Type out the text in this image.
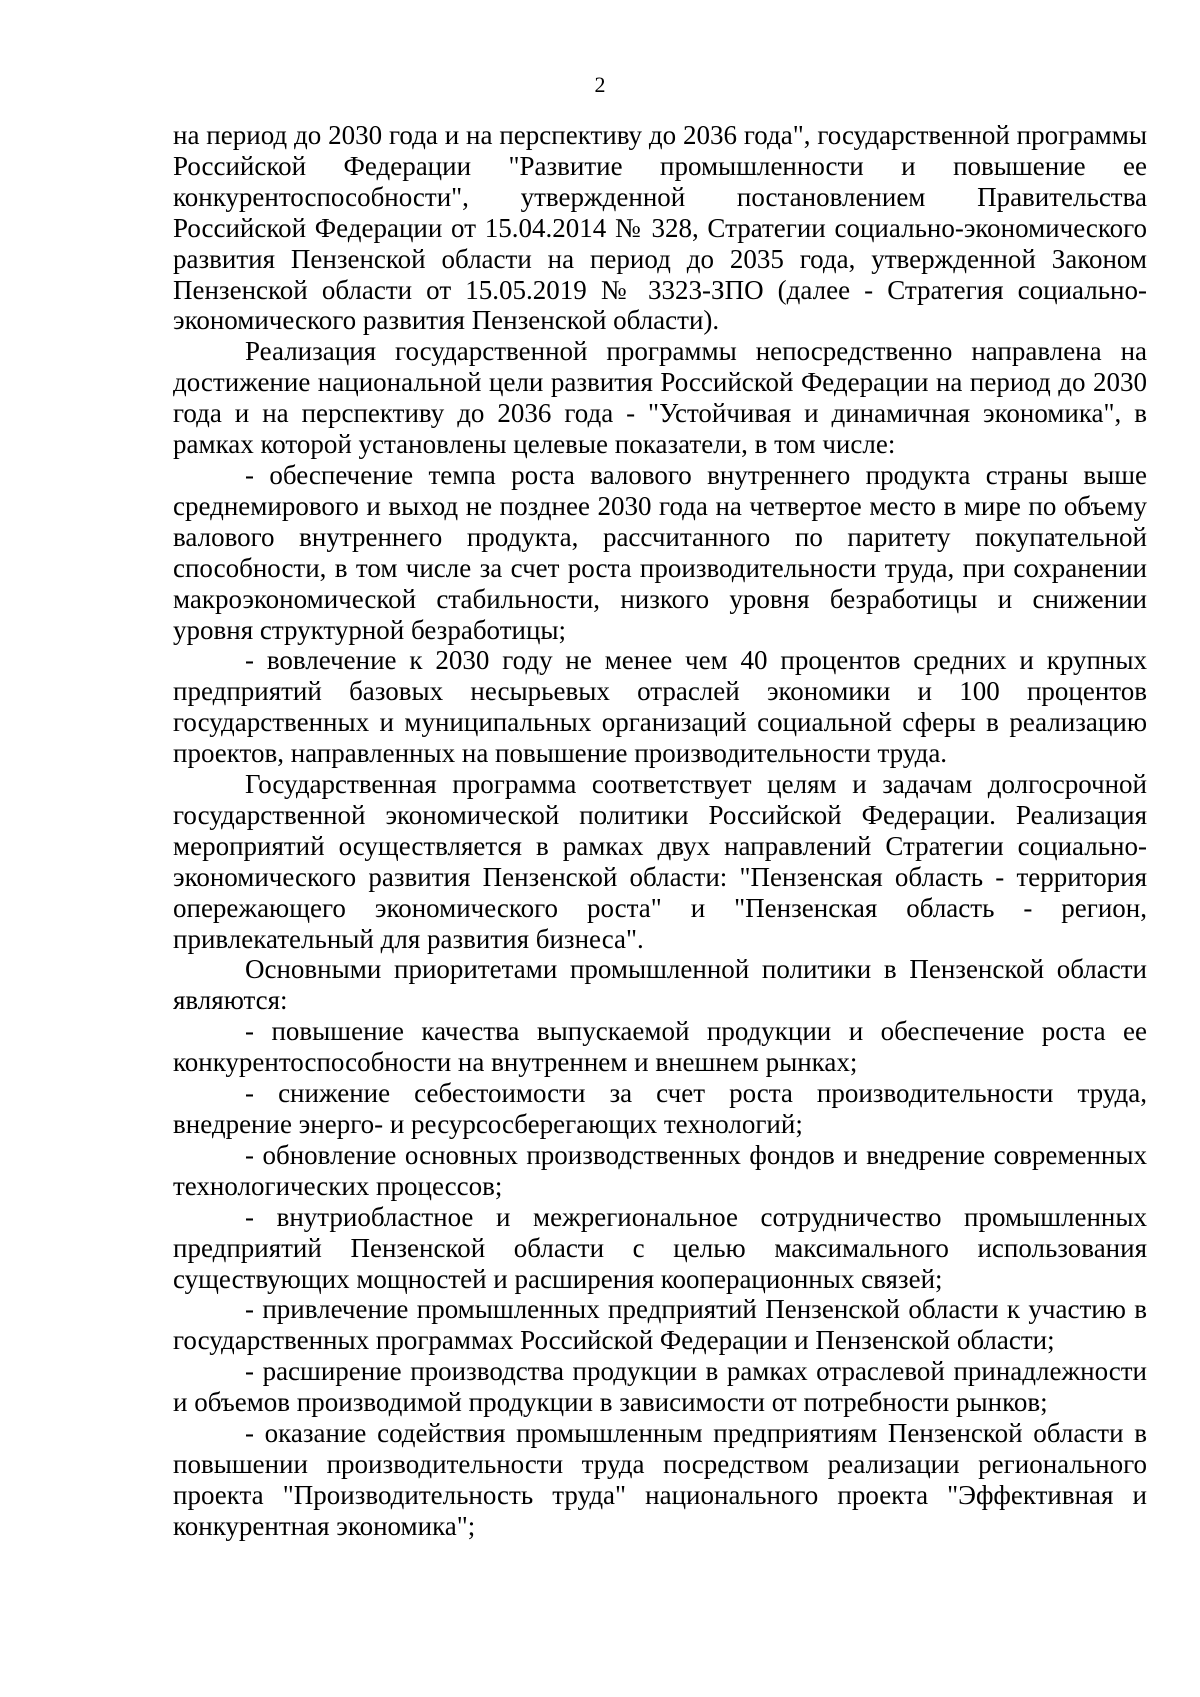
2

на период до 2030 года и на перспективу до 2036 года", государственной программы Российской Федерации "Развитие промышленности и повышение ее конкурентоспособности", утвержденной постановлением Правительства Российской Федерации от 15.04.2014 № 328, Стратегии социально-экономического развития Пензенской области на период до 2035 года, утвержденной Законом Пензенской области от 15.05.2019 № 3323-ЗПО (далее - Стратегия социально-экономического развития Пензенской области).

Реализация государственной программы непосредственно направлена на достижение национальной цели развития Российской Федерации на период до 2030 года и на перспективу до 2036 года - "Устойчивая и динамичная экономика", в рамках которой установлены целевые показатели, в том числе:

- обеспечение темпа роста валового внутреннего продукта страны выше среднемирового и выход не позднее 2030 года на четвертое место в мире по объему валового внутреннего продукта, рассчитанного по паритету покупательной способности, в том числе за счет роста производительности труда, при сохранении макроэкономической стабильности, низкого уровня безработицы и снижении уровня структурной безработицы;

- вовлечение к 2030 году не менее чем 40 процентов средних и крупных предприятий базовых несырьевых отраслей экономики и 100 процентов государственных и муниципальных организаций социальной сферы в реализацию проектов, направленных на повышение производительности труда.

Государственная программа соответствует целям и задачам долгосрочной государственной экономической политики Российской Федерации. Реализация мероприятий осуществляется в рамках двух направлений Стратегии социально-экономического развития Пензенской области: "Пензенская область - территория опережающего экономического роста" и "Пензенская область - регион, привлекательный для развития бизнеса".

Основными приоритетами промышленной политики в Пензенской области являются:

- повышение качества выпускаемой продукции и обеспечение роста ее конкурентоспособности на внутреннем и внешнем рынках;

- снижение себестоимости за счет роста производительности труда, внедрение энерго- и ресурсосберегающих технологий;

- обновление основных производственных фондов и внедрение современных технологических процессов;

- внутриобластное и межрегиональное сотрудничество промышленных предприятий Пензенской области с целью максимального использования существующих мощностей и расширения кооперационных связей;

- привлечение промышленных предприятий Пензенской области к участию в государственных программах Российской Федерации и Пензенской области;

- расширение производства продукции в рамках отраслевой принадлежности и объемов производимой продукции в зависимости от потребности рынков;

- оказание содействия промышленным предприятиям Пензенской области в повышении производительности труда посредством реализации регионального проекта "Производительность труда" национального проекта "Эффективная и конкурентная экономика";
